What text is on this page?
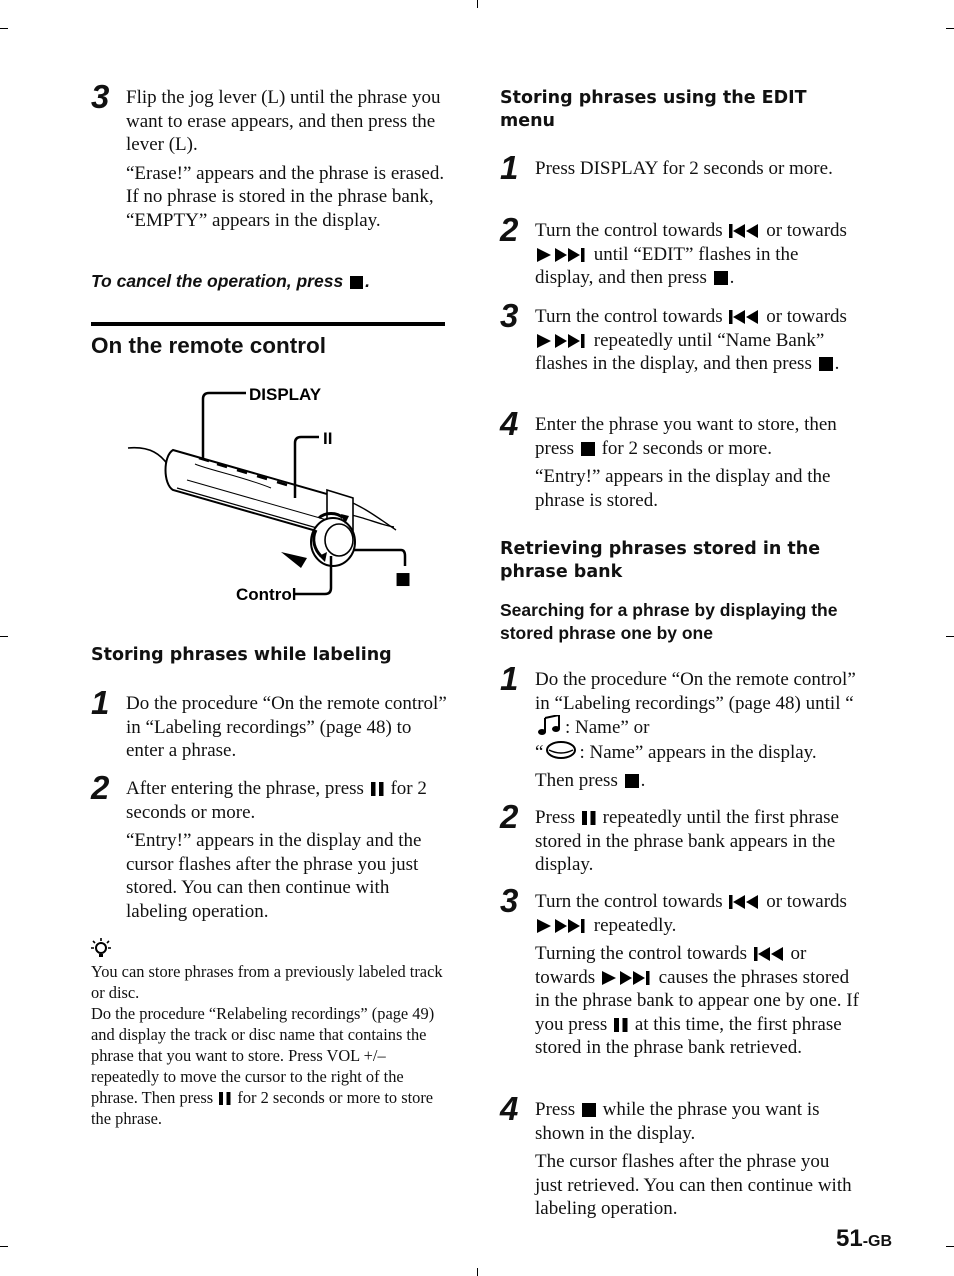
3 Flip the jog lever (L) until the phrase you want to erase appears, and then press the lever (L).

“Erase!” appears and the phrase is erased. If no phrase is stored in the phrase bank, “EMPTY” appears in the display.

To cancel the operation, press .
On the remote control
DISPLAY
II
Control
■
Storing phrases while labeling
1 Do the procedure “On the remote control” in “Labeling recordings” (page 48) to enter a phrase.

2 After entering the phrase, press for 2 seconds or more.

“Entry!” appears in the display and the cursor flashes after the phrase you just stored. You can then continue with labeling operation.

You can store phrases from a previously labeled track or disc.

Do the procedure “Relabeling recordings” (page 49) and display the track or disc name that contains the phrase that you want to store. Press VOL +/– repeatedly to move the cursor to the right of the phrase. Then press for 2 seconds or more to store the phrase.

Storing phrases using the EDIT menu
1 Press DISPLAY for 2 seconds or more.

2 Turn the control towards or towards  until “EDIT” flashes in the display, and then press .

3 Turn the control towards or towards  repeatedly until “Name Bank” flashes in the display, and then press .

4 Enter the phrase you want to store, then press for 2 seconds or more.

“Entry!” appears in the display and the phrase is stored.

Retrieving phrases stored in the phrase bank
Searching for a phrase by displaying the stored phrase one by one
1 Do the procedure “On the remote control” in “Labeling recordings” (page 48) until “: Name” or
“ : Name” appears in the display.

Then press .

2 Press repeatedly until the first phrase stored in the phrase bank appears in the display.

3 Turn the control towards or towards  repeatedly.

Turning the control towards or towards	causes the phrases stored in the phrase bank to appear one by one. If you press at this time, the first phrase stored in the phrase bank retrieved.

4 Press while the phrase you want is shown in the display.

The cursor flashes after the phrase you just retrieved. You can then continue with labeling operation.

51-GB
